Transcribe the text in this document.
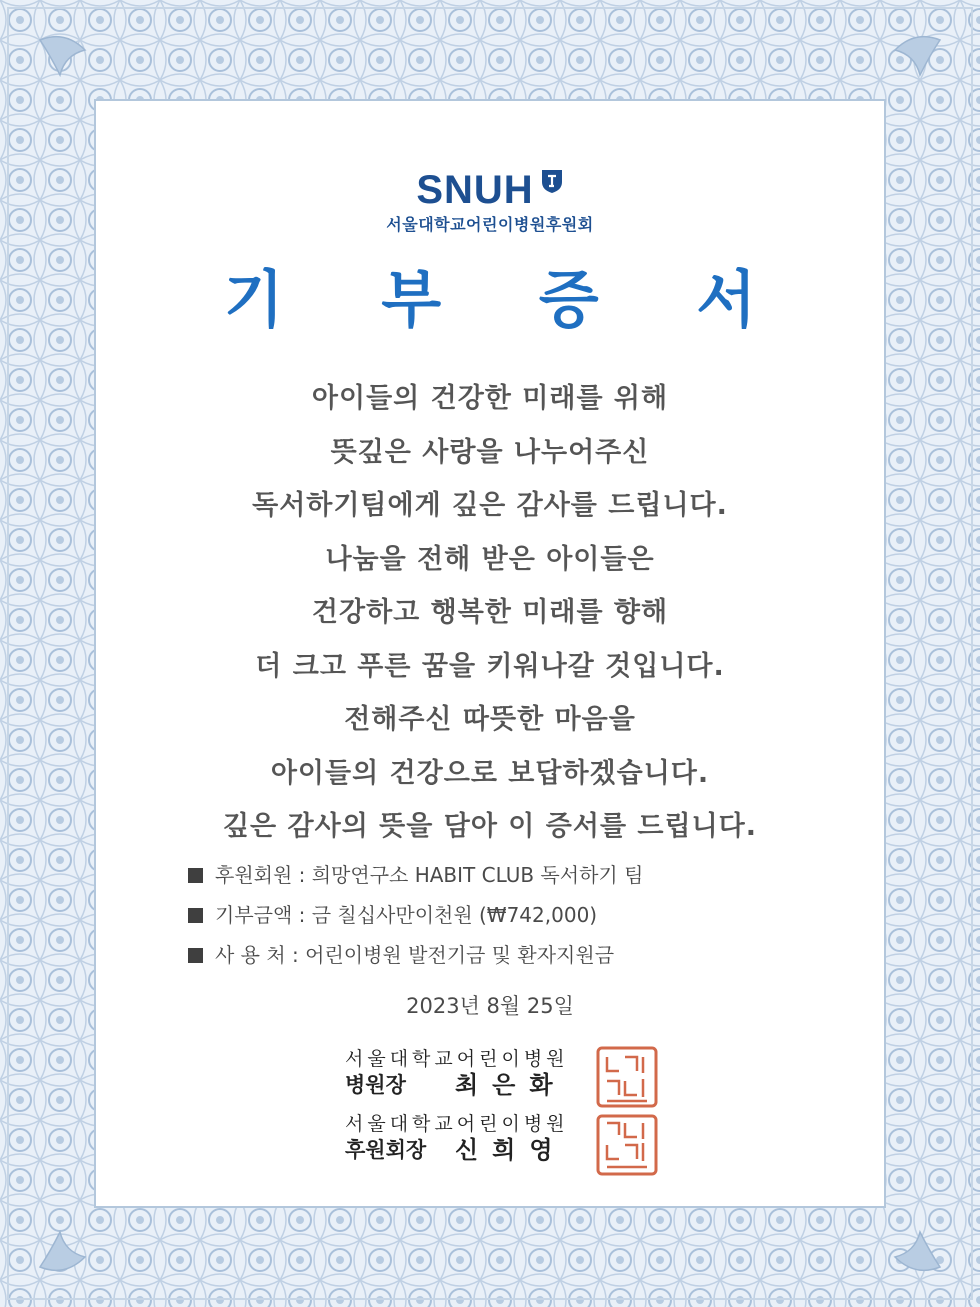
SNUH
서울대학교어린이병원후원회
기 부 증 서
아이들의 건강한 미래를 위해
뜻깊은 사랑을 나누어주신
독서하기팀에게 깊은 감사를 드립니다.
나눔을 전해 받은 아이들은
건강하고 행복한 미래를 향해
더 크고 푸른 꿈을 키워나갈 것입니다.
전해주신 따뜻한 마음을
아이들의 건강으로 보답하겠습니다.
깊은 감사의 뜻을 담아 이 증서를 드립니다.
후원회원 : 희망연구소 HABIT CLUB 독서하기 팀
기부금액 : 금 칠십사만이천원 (₩742,000)
사 용 처 : 어린이병원 발전기금 및 환자지원금
2023년 8월 25일
서울대학교어린이병원
병원장	최은화
서울대학교어린이병원
후원회장	신희영
